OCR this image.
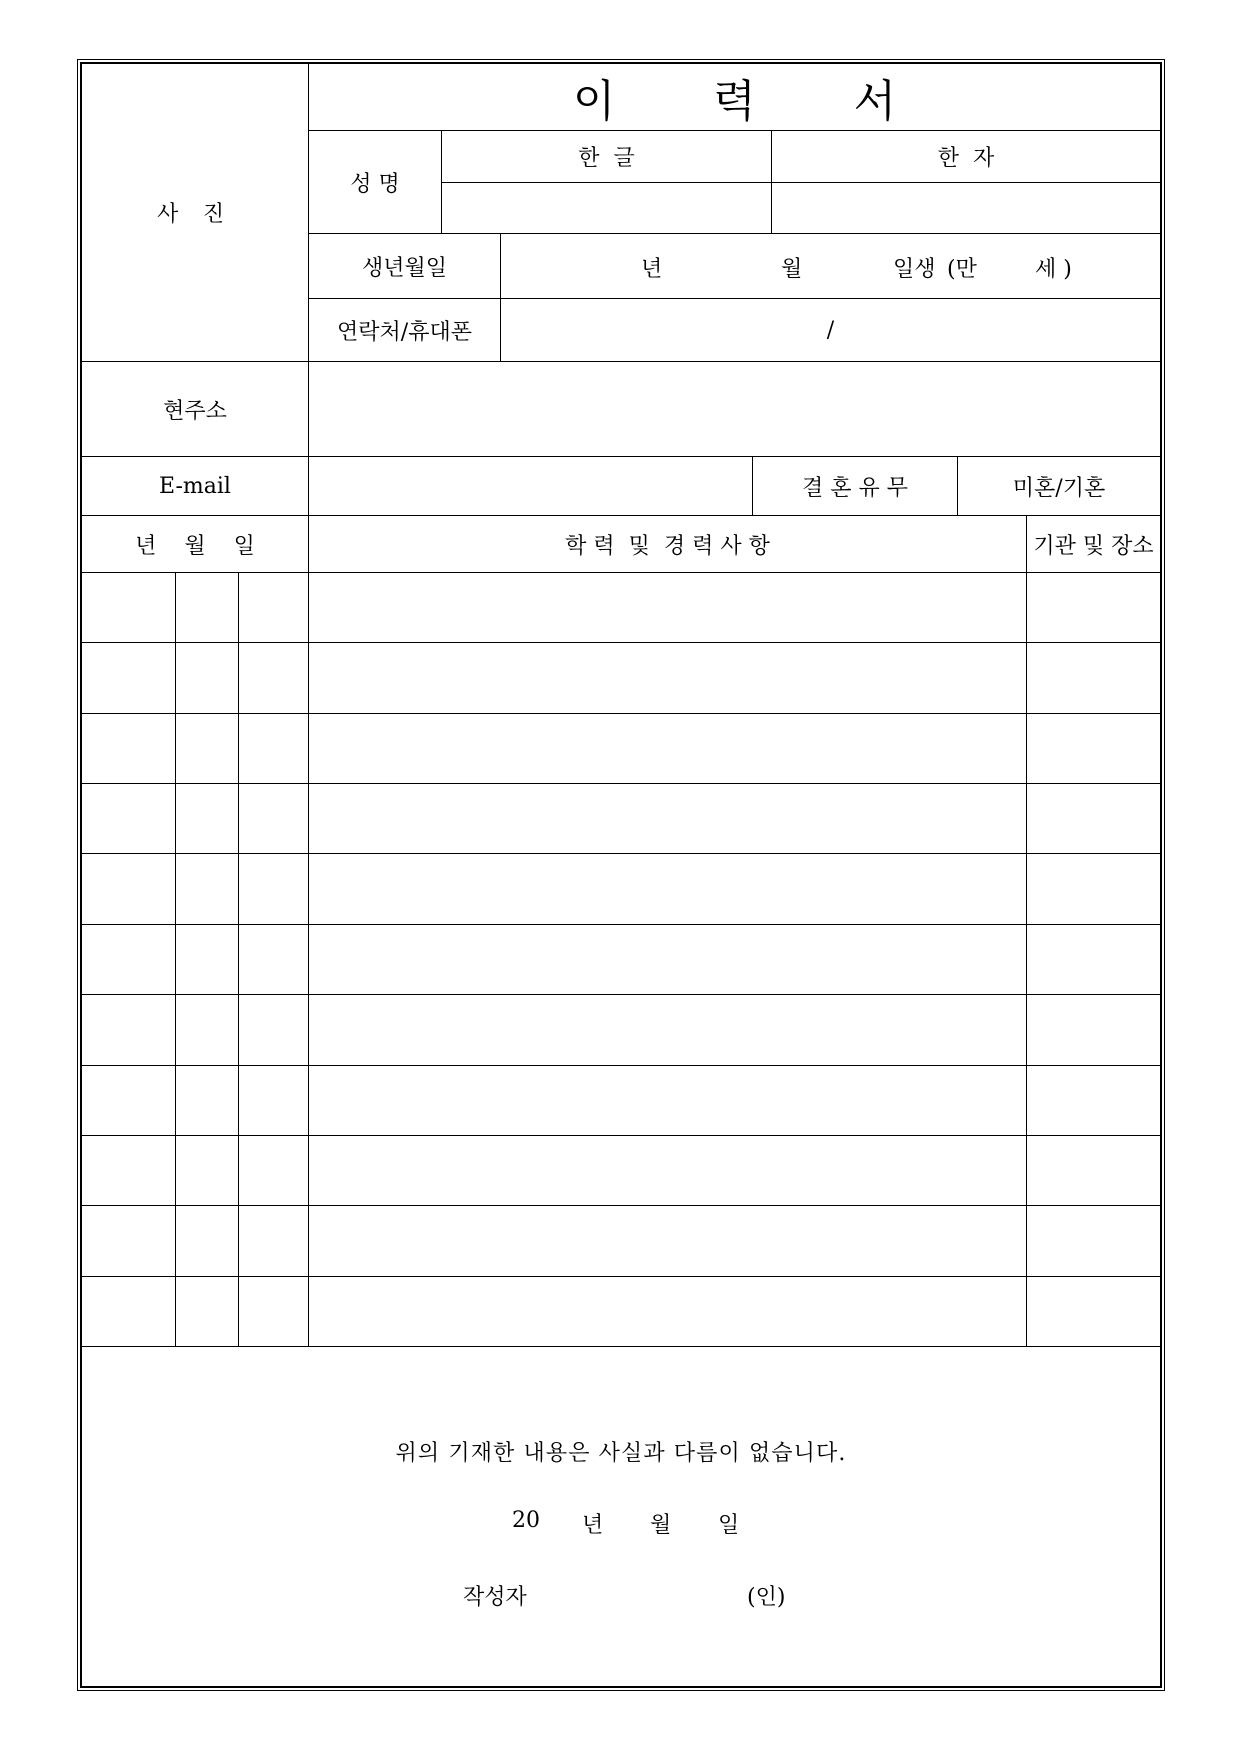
사 진
이       력       서
성 명
한  글	한  자
생년월일	년	월	일생 (만	세 )
연락처/휴대폰	/
현주소
E-mail	결 혼 유 무	미혼/기혼
년    월    일	학 력  및  경 력 사 항	기관 및 장소
위의 기재한 내용은 사실과 다름이 없습니다.
20 년 월 일
작성자	(인)
